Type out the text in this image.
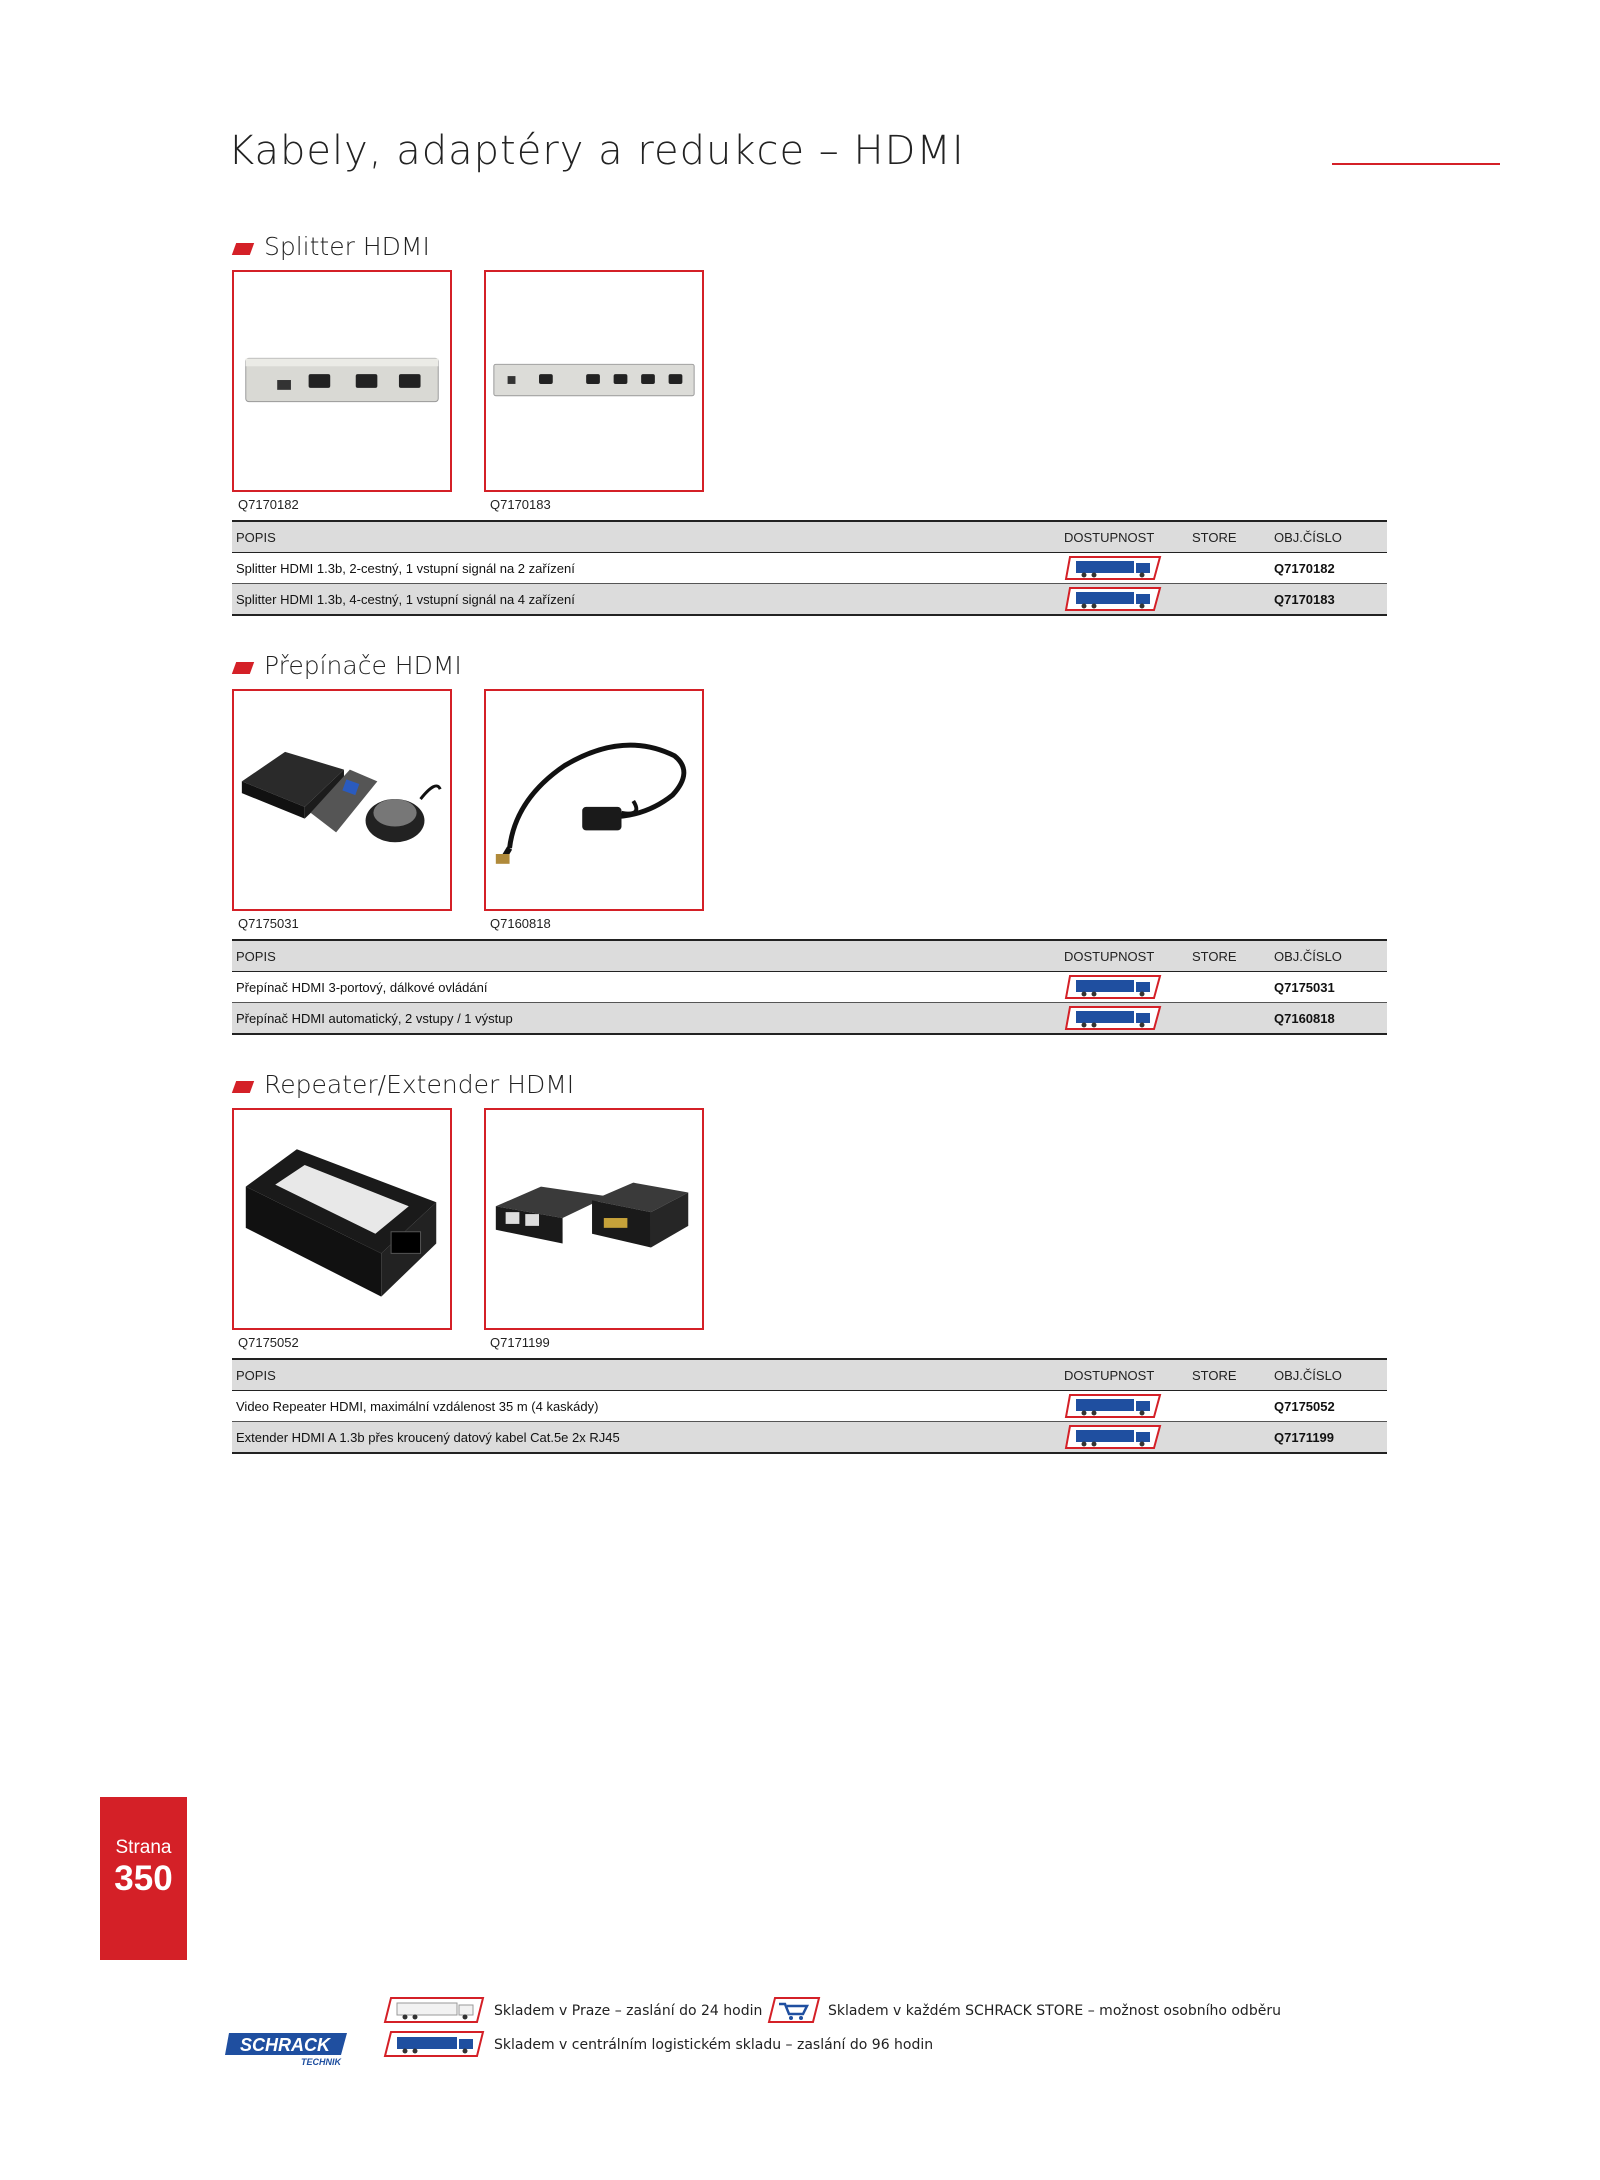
Kabely, adaptéry a redukce – HDMI
Splitter HDMI
Q7170182	Q7170183
POPIS	DOSTUPNOST	STORE	OBJ.ČÍSLO
Splitter HDMI 1.3b, 2-cestný, 1 vstupní signál na 2 zařízení			Q7170182
Splitter HDMI 1.3b, 4-cestný, 1 vstupní signál na 4 zařízení			Q7170183
Přepínače HDMI
Q7175031	Q7160818
POPIS	DOSTUPNOST	STORE	OBJ.ČÍSLO
Přepínač HDMI 3-portový, dálkové ovládání			Q7175031
Přepínač HDMI automatický, 2 vstupy / 1 výstup			Q7160818
Repeater/Extender HDMI
Q7175052	Q7171199
POPIS	DOSTUPNOST	STORE	OBJ.ČÍSLO
Video Repeater HDMI, maximální vzdálenost 35 m (4 kaskády)			Q7175052
Extender HDMI A 1.3b přes kroucený datový kabel Cat.5e 2x RJ45			Q7171199
Strana
350
Skladem v Praze – zaslání do 24 hodin	Skladem v každém SCHRACK STORE – možnost osobního odběru
Skladem v centrálním logistickém skladu – zaslání do 96 hodin
SCHRACK
TECHNIK
